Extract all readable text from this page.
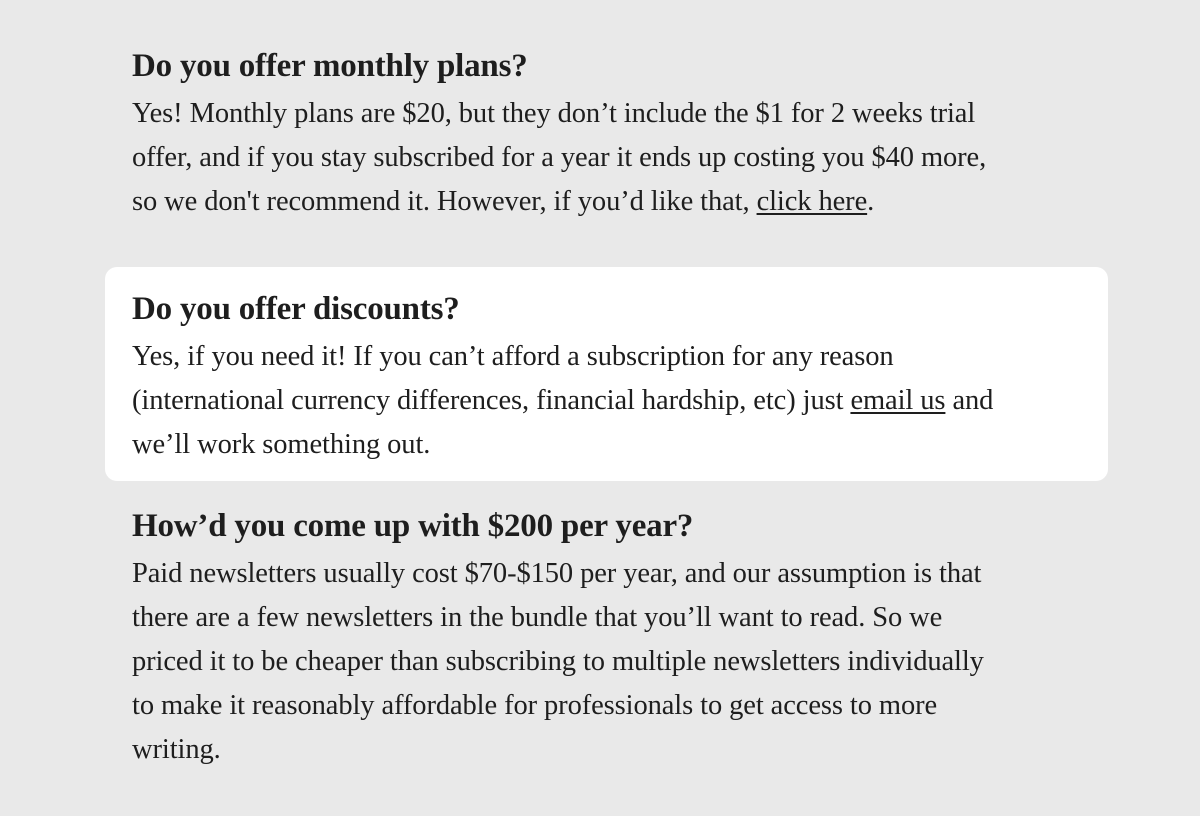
Do you offer monthly plans?

Yes! Monthly plans are $20, but they don’t include the $1 for 2 weeks trial
offer, and if you stay subscribed for a year it ends up costing you $40 more,
so we don't recommend it. However, if you’d like that, click here.

Do you offer discounts?

Yes, if you need it! If you can’t afford a subscription for any reason
(international currency differences, financial hardship, etc) just email us and
we’ll work something out.

How’d you come up with $200 per year?

Paid newsletters usually cost $70-$150 per year, and our assumption is that
there are a few newsletters in the bundle that you’ll want to read. So we
priced it to be cheaper than subscribing to multiple newsletters individually
to make it reasonably affordable for professionals to get access to more
writing.
